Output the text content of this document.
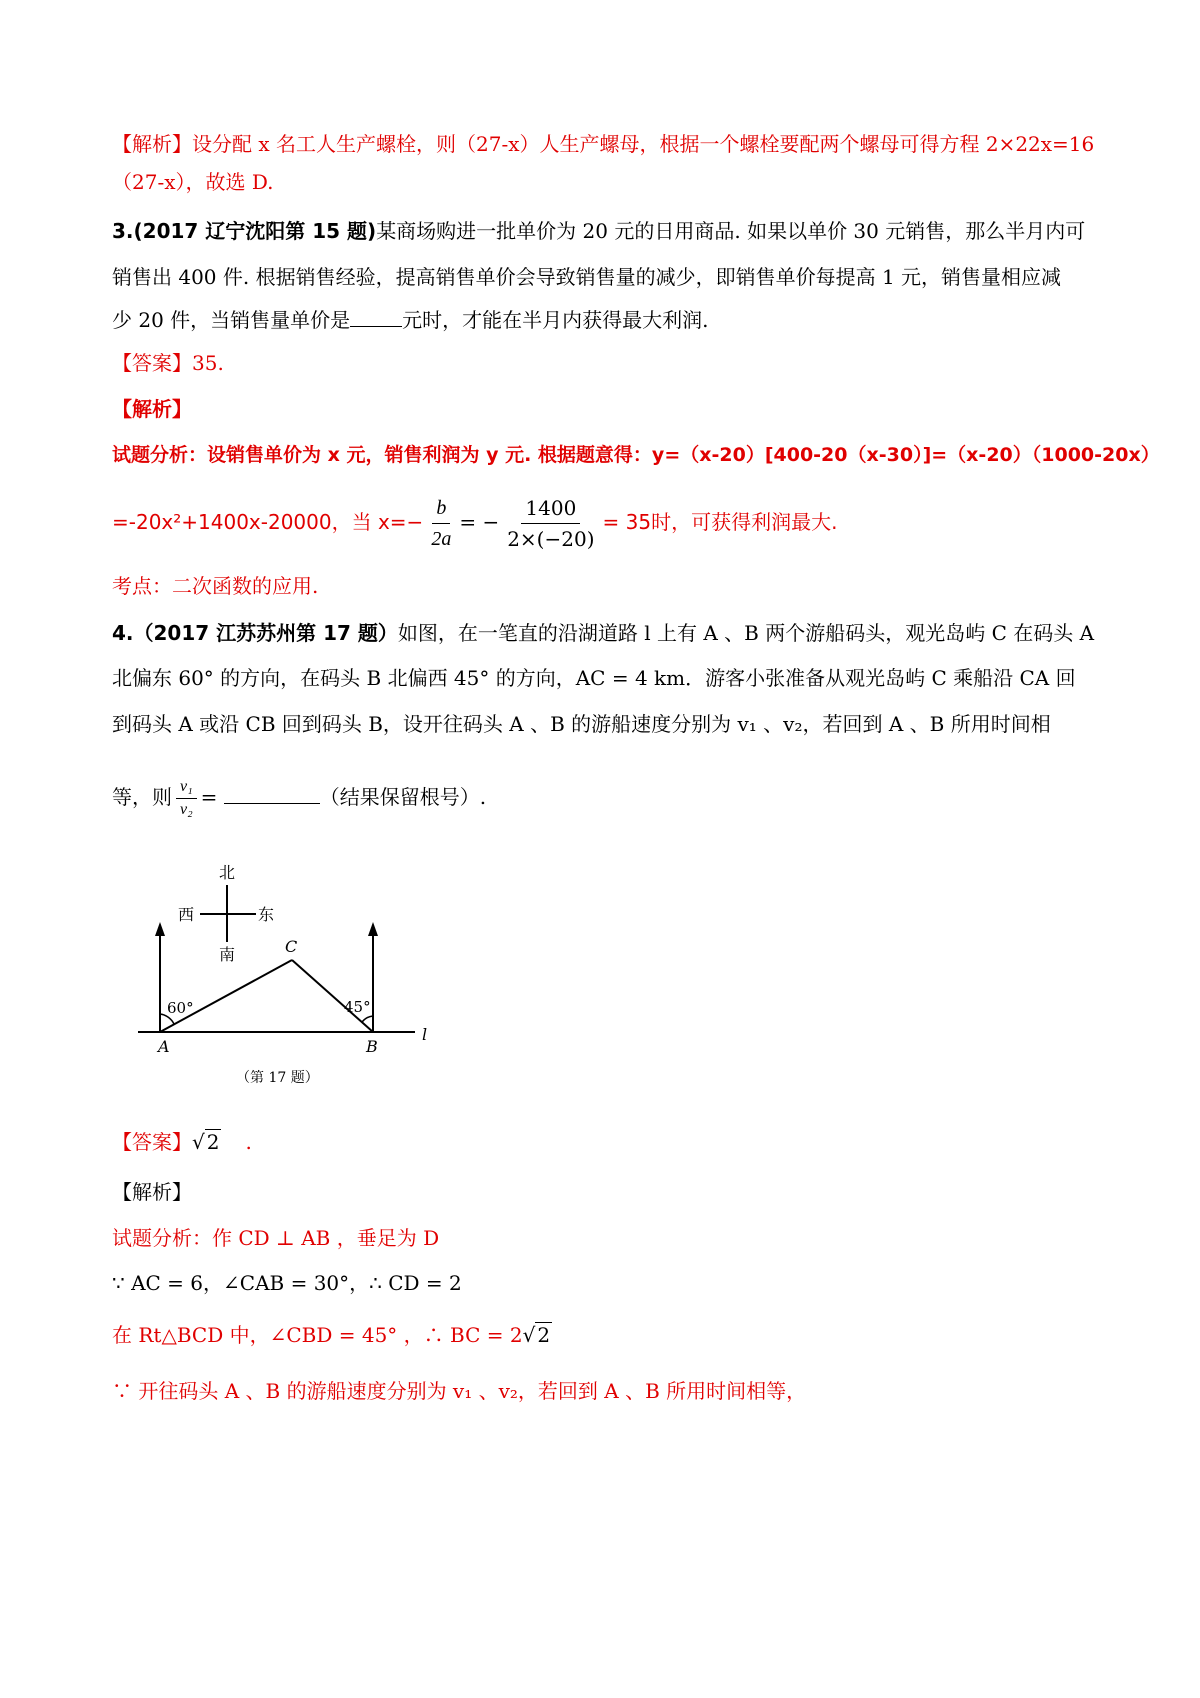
【解析】设分配 x 名工人生产螺栓，则（27-x）人生产螺母，根据一个螺栓要配两个螺母可得方程 2×22x=16
（27-x），故选 D.
3.(2017 辽宁沈阳第 15 题)某商场购进一批单价为 20 元的日用商品. 如果以单价 30 元销售，那么半月内可
销售出 400 件. 根据销售经验，提高销售单价会导致销售量的减少，即销售单价每提高 1 元，销售量相应减
少 20 件，当销售量单价是	元时，才能在半月内获得最大利润.
【答案】35.
【解析】
试题分析：设销售单价为 x 元，销售利润为 y 元. 根据题意得：y=（x-20）[400-20（x-30）]=（x-20）（1000-20x）
=-20x²+1400x-20000，当 $x=- \frac{b}{2a}$ = − $\frac{1400}{2\times(-20)} = 35$时，可获得利润最大.
考点：二次函数的应用.
4.（2017 江苏苏州第 17 题）如图，在一笔直的沿湖道路 l 上有 A 、B 两个游船码头，观光岛屿 C 在码头 A
北偏东 60° 的方向，在码头 B 北偏西 45° 的方向，AC = 4 km．游客小张准备从观光岛屿 C 乘船沿 CA 回
到码头 A 或沿 CB 回到码头 B，设开往码头 A 、B 的游船速度分别为 v₁ 、v₂，若回到 A 、B 所用时间相
等，则 $\frac{\text{v₁}}{\text{v₂}}$ =	（结果保留根号）.
北
西	东
南
l
60°	45°
A	B
C
（第 17 题）
【答案】√ 2 .
【解析】
试题分析：作 CD ⊥ AB ，垂足为 D
∵ AC = 6，∠CAB = 30°，∴ CD = 2
在 Rt△BCD 中，∠CBD = 45° ，∴ BC = 2√ 2
∵ 开往码头 A 、B 的游船速度分别为 v₁ 、v₂，若回到 A 、B 所用时间相等，
